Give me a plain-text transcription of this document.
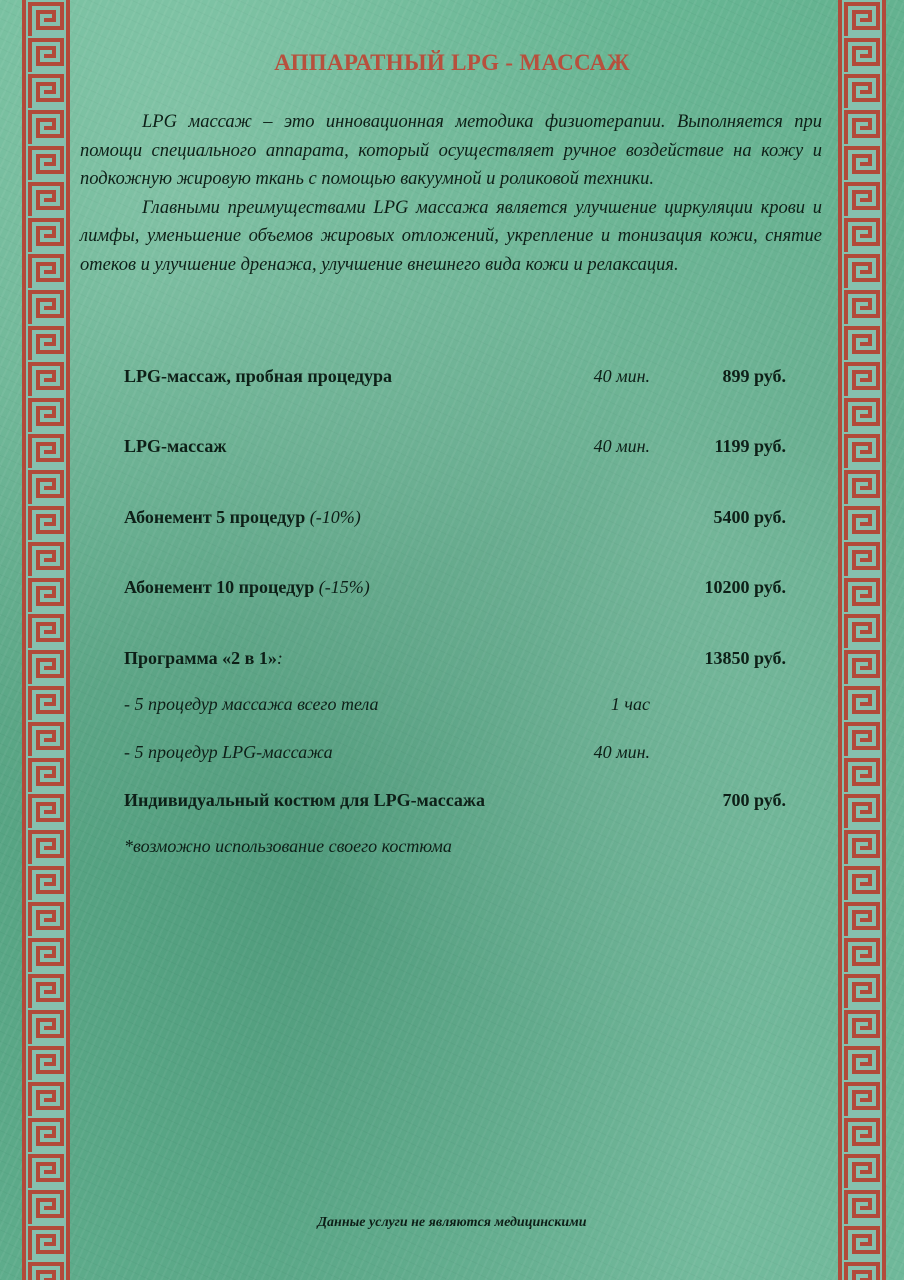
АППАРАТНЫЙ LPG - МАССАЖ

LPG массаж – это инновационная методика физиотерапии. Выполняется при помощи специального аппарата, который осуществляет ручное воздействие на кожу и подкожную жировую ткань с помощью вакуумной и роликовой техники.

Главными преимуществами LPG массажа является улучшение циркуляции крови и лимфы, уменьшение объемов жировых отложений, укрепление и тонизация кожи, снятие отеков и улучшение дренажа, улучшение внешнего вида кожи и релаксация.

LPG-массаж, пробная процедура	40 мин.	899 руб.
LPG-массаж	40 мин.	1199 руб.
Абонемент 5 процедур (-10%)	5400 руб.
Абонемент 10 процедур (-15%)	10200 руб.
Программа «2 в 1»:	13850 руб.
- 5 процедур массажа всего тела	1 час
- 5 процедур LPG-массажа	40 мин.
Индивидуальный костюм для LPG-массажа	700 руб.
*возможно использование своего костюма
Данные услуги не являются медицинскими
